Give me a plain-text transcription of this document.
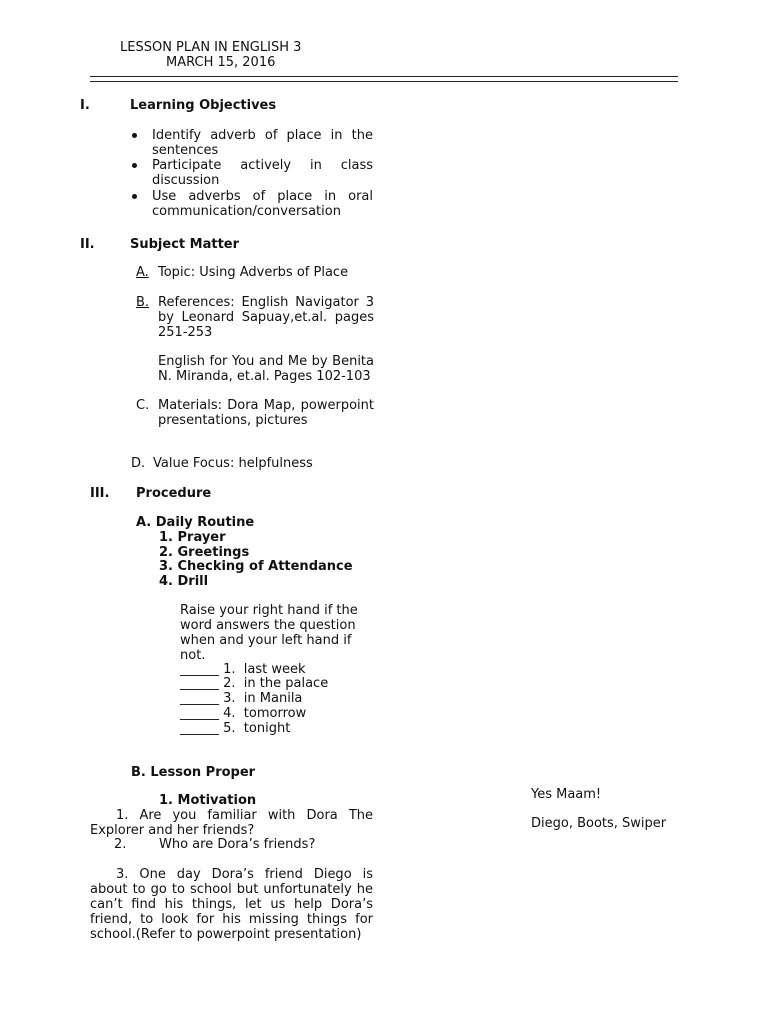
LESSON PLAN IN ENGLISH 3
MARCH 15, 2016
I.	Learning Objectives
Identify adverb of place in the sentences
Participate actively in class discussion
Use adverbs of place in oral communication/conversation
II.	Subject Matter
A. Topic: Using Adverbs of Place
B. References: English Navigator 3 by Leonard Sapuay,et.al. pages 251-253
English for You and Me by Benita N. Miranda, et.al. Pages 102-103
C. Materials: Dora Map, powerpoint presentations, pictures
D. Value Focus: helpfulness
III. Procedure
A. Daily Routine
1. Prayer
2. Greetings
3. Checking of Attendance
4. Drill
Raise your right hand if the word answers the question when and your left hand if not.
______ 1.  last week
______ 2.  in the palace
______ 3.  in Manila
______ 4.  tomorrow
______ 5.  tonight
B. Lesson Proper
1. Motivation
1. Are you familiar with Dora The Explorer and her friends?
2.	Who are Dora’s friends?
3. One day Dora’s friend Diego is about to go to school but unfortunately he can’t find his things, let us help Dora’s friend, to look for his missing things for school.(Refer to powerpoint presentation)
Yes Maam!
Diego, Boots, Swiper
